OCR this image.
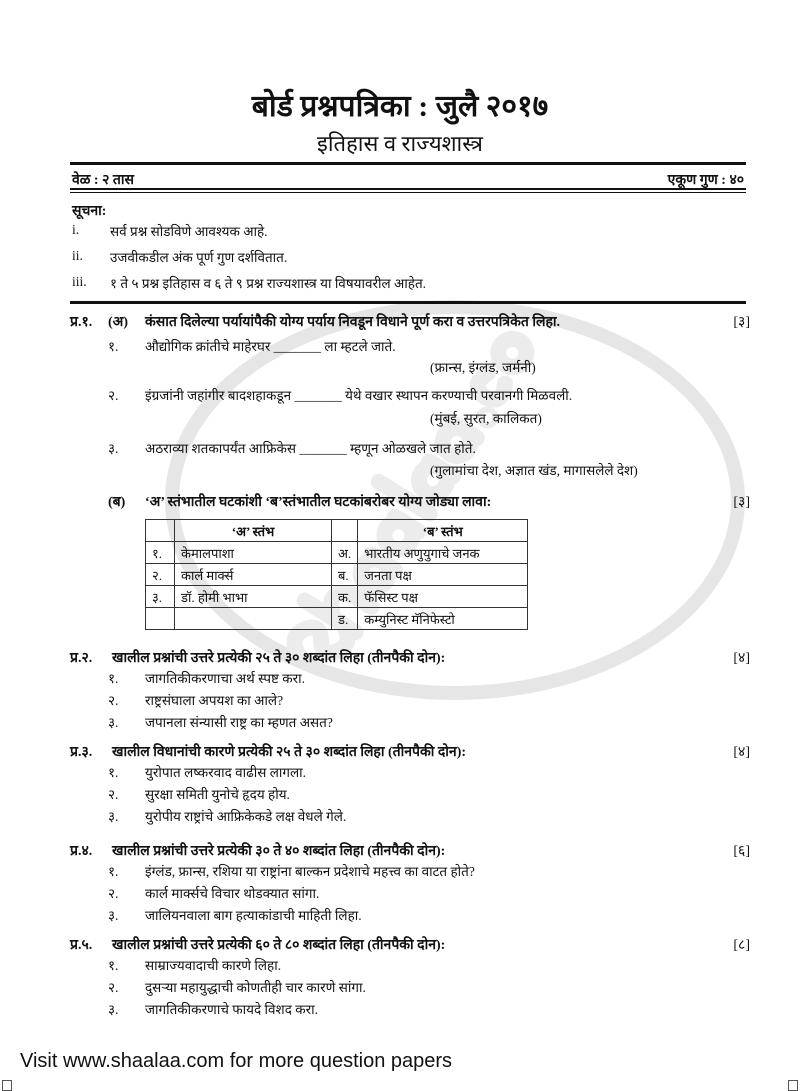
बोर्ड प्रश्नपत्रिका : जुलै २०१७
इतिहास व राज्यशास्त्र
वेळ : २ तास	एकूण गुण : ४०
सूचना:
i. सर्व प्रश्न सोडविणे आवश्यक आहे.
ii. उजवीकडील अंक पूर्ण गुण दर्शवितात.
iii. १ ते ५ प्रश्न इतिहास व ६ ते ९ प्रश्न राज्यशास्त्र या विषयावरील आहेत.
प्र.१. (अ) कंसात दिलेल्या पर्यायांपैकी योग्य पर्याय निवडून विधाने पूर्ण करा व उत्तरपत्रिकेत लिहा.	[३]
१. औद्योगिक क्रांतीचे माहेरघर _______ ला म्हटले जाते.
(फ्रान्स, इंग्लंड, जर्मनी)
२. इंग्रजांनी जहांगीर बादशहाकडून _______ येथे वखार स्थापन करण्याची परवानगी मिळवली.
(मुंबई, सुरत, कालिकत)
३. अठराव्या शतकापर्यंत आफ्रिकेस _______ म्हणून ओळखले जात होते.
(गुलामांचा देश, अज्ञात खंड, मागासलेले देश)
(ब) ‘अ’ स्तंभातील घटकांशी ‘ब’स्तंभातील घटकांबरोबर योग्य जोड्या लावा:	[३]
	‘अ’ स्तंभ		‘ब’ स्तंभ
१.	केमालपाशा	अ.	भारतीय अणुयुगाचे जनक
२.	कार्ल मार्क्स	ब.	जनता पक्ष
३.	डॉ. होमी भाभा	क.	फॅसिस्ट पक्ष
		ड.	कम्युनिस्ट मॅनिफेस्टो
प्र.२. खालील प्रश्नांची उत्तरे प्रत्येकी २५ ते ३० शब्दांत लिहा (तीनपैकी दोन):	[४]
१. जागतिकीकरणाचा अर्थ स्पष्ट करा.
२. राष्ट्रसंघाला अपयश का आले?
३. जपानला संन्यासी राष्ट्र का म्हणत असत?
प्र.३. खालील विधानांची कारणे प्रत्येकी २५ ते ३० शब्दांत लिहा (तीनपैकी दोन):	[४]
१. युरोपात लष्करवाद वाढीस लागला.
२. सुरक्षा समिती युनोचे हृदय होय.
३. युरोपीय राष्ट्रांचे आफ्रिकेकडे लक्ष वेधले गेले.
प्र.४. खालील प्रश्नांची उत्तरे प्रत्येकी ३० ते ४० शब्दांत लिहा (तीनपैकी दोन):	[६]
१. इंग्लंड, फ्रान्स, रशिया या राष्ट्रांना बाल्कन प्रदेशाचे महत्त्व का वाटत होते?
२. कार्ल मार्क्सचे विचार थोडक्यात सांगा.
३. जालियनवाला बाग हत्याकांडाची माहिती लिहा.
प्र.५. खालील प्रश्नांची उत्तरे प्रत्येकी ६० ते ८० शब्दांत लिहा (तीनपैकी दोन):	[८]
१. साम्राज्यवादाची कारणे लिहा.
२. दुसऱ्या महायुद्धाची कोणतीही चार कारणे सांगा.
३. जागतिकीकरणाचे फायदे विशद करा.
Visit www.shaalaa.com for more question papers
